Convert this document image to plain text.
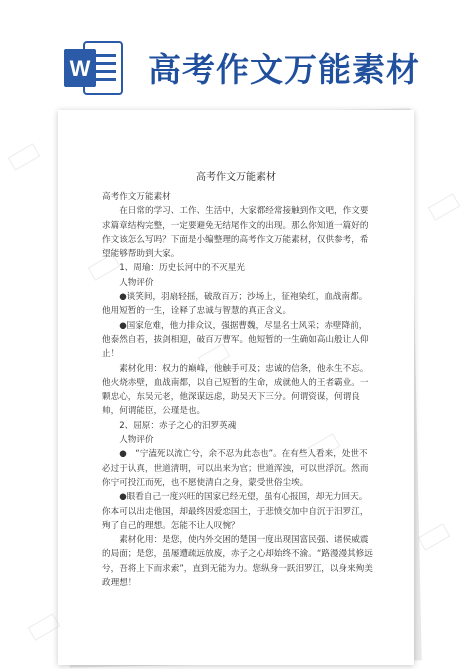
W 高考作文万能素材
高考作文万能素材

高考作文万能素材

　　在日常的学习、工作、生活中，大家都经常接触到作文吧，作文要求篇章结构完整，一定要避免无结尾作文的出现。那么你知道一篇好的作文该怎么写吗？下面是小编整理的高考作文万能素材，仅供参考，希望能够帮助到大家。

　　1、周瑜：历史长河中的不灭星光

　　人物评价

　　●谈笑间，羽扇轻摇，破敌百万；沙场上，征袍染红，血战南都。他用短暂的一生，诠释了忠诚与智慧的真正含义。

　　●国家危难，他力排众议，强据曹魏，尽显名士风采；赤壁降前，他泰然自若，拔剑相迎，破百万曹军。他短暂的一生确如高山般让人仰止！

　　素材化用：权力的巅峰，他触手可及；忠诚的信条，他永生不忘。他火烧赤壁，血战南都，以自己短暂的生命，成就他人的王者霸业。一颗忠心，东吴元老，他深谋远虑，助吴天下三分。何谓资谋，何谓良帅，何谓能臣，公瑾是也。

　　2、屈原：赤子之心的汨罗英魂

　　人物评价

　　●　“宁溘死以流亡兮，余不忍为此态也”。在有些人看来，处世不必过于认真，世道清明，可以出来为官；世道浑浊，可以世浮沉。然而你宁可投江而死，也不愿使清白之身，蒙受世俗尘埃。

　　●眼看自己一度兴旺的国家已经无望，虽有心报国，却无力回天。你本可以出走他国，却最终因爱恋国土，于悲愤交加中自沉于汨罗江，殉了自己的理想。怎能不让人叹惋？

　　素材化用：是您，使内外交困的楚国一度出现国富民强、诸侯威震的局面；是您，虽屡遭疏远放废，赤子之心却始终不渝。“路漫漫其修远兮，吾将上下而求索”，直到无能为力。您纵身一跃汨罗江，以身来殉美政理想！
